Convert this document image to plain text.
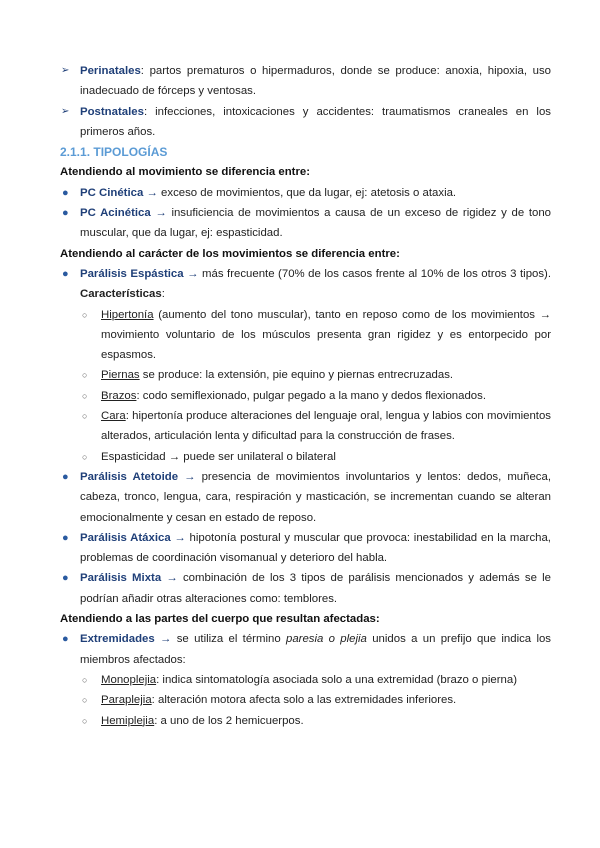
➢ Perinatales: partos prematuros o hipermaduros, donde se produce: anoxia, hipoxia, uso inadecuado de fórceps y ventosas.
➢ Postnatales: infecciones, intoxicaciones y accidentes: traumatismos craneales en los primeros años.

2.1.1. TIPOLOGÍAS

Atendiendo al movimiento se diferencia entre:

● PC Cinética → exceso de movimientos, que da lugar, ej: atetosis o ataxia.
● PC Acinética → insuficiencia de movimientos a causa de un exceso de rigidez y de tono muscular, que da lugar, ej: espasticidad.

Atendiendo al carácter de los movimientos se diferencia entre:

● Parálisis Espástica → más frecuente (70% de los casos frente al 10% de los otros 3 tipos). Características:
○ Hipertonía (aumento del tono muscular), tanto en reposo como de los movimientos → movimiento voluntario de los músculos presenta gran rigidez y es entorpecido por espasmos.
○ Piernas se produce: la extensión, pie equino y piernas entrecruzadas.
○ Brazos: codo semiflexionado, pulgar pegado a la mano y dedos flexionados.
○ Cara: hipertonía produce alteraciones del lenguaje oral, lengua y labios con movimientos alterados, articulación lenta y dificultad para la construcción de frases.
○ Espasticidad → puede ser unilateral o bilateral
● Parálisis Atetoide → presencia de movimientos involuntarios y lentos: dedos, muñeca, cabeza, tronco, lengua, cara, respiración y masticación, se incrementan cuando se alteran emocionalmente y cesan en estado de reposo.
● Parálisis Atáxica → hipotonía postural y muscular que provoca: inestabilidad en la marcha, problemas de coordinación visomanual y deterioro del habla.
● Parálisis Mixta → combinación de los 3 tipos de parálisis mencionados y además se le podrían añadir otras alteraciones como: temblores.

Atendiendo a las partes del cuerpo que resultan afectadas:

● Extremidades → se utiliza el término paresia o plejia unidos a un prefijo que indica los miembros afectados:
○ Monoplejia: indica sintomatología asociada solo a una extremidad (brazo o pierna)
○ Paraplejia: alteración motora afecta solo a las extremidades inferiores.
○ Hemiplejia: a uno de los 2 hemicuerpos.
